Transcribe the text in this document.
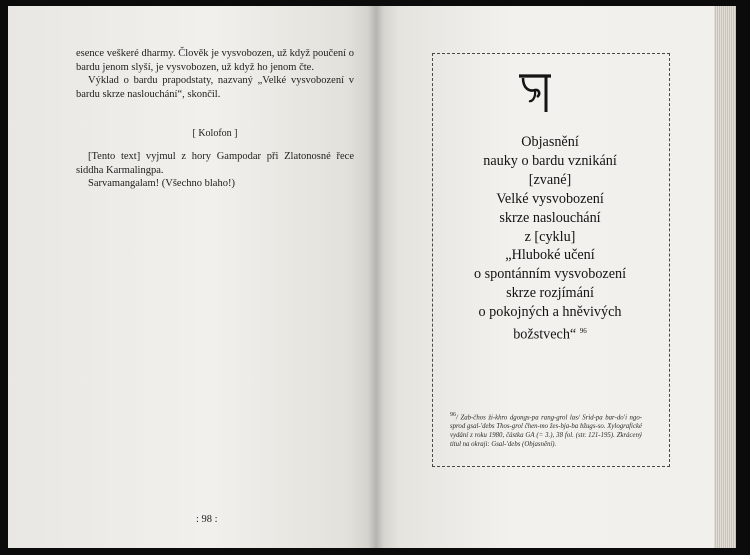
esence veškeré dharmy. Člověk je vysvobozen, už když poučení o bardu jenom slyší, je vysvobozen, už když ho jenom čte.
Výklad o bardu prapodstaty, nazvaný „Velké vysvobození v bardu skrze naslouchání“, skončil.
[ Kolofon ]
[Tento text] vyjmul z hory Gampodar při Zlatonosné řece siddha Karmalingpa.
Sarvamangalam! (Všechno blaho!)
: 98 :
Objasnění
nauky o bardu vznikání
[zvané]
Velké vysvobození
skrze naslouchání
z [cyklu]
„Hluboké učení
o spontánním vysvobození
skrze rozjímání
o pokojných a hněvivých
božstvech“ $^{96}$
96/ Zab-čhos ži-khro dgongs-pa rang-grol las/ Srid-pa bar-do'i ngo-sprod gsal-'debs Thos-grol čhen-mo žes-bja-ba bžugs-so. Xylografické vydání z roku 1980, částka GA (= 3.), 38 fol. (str. 121-195). Zkrácený titul na okraji: Gsal-'debs (Objasnění).
